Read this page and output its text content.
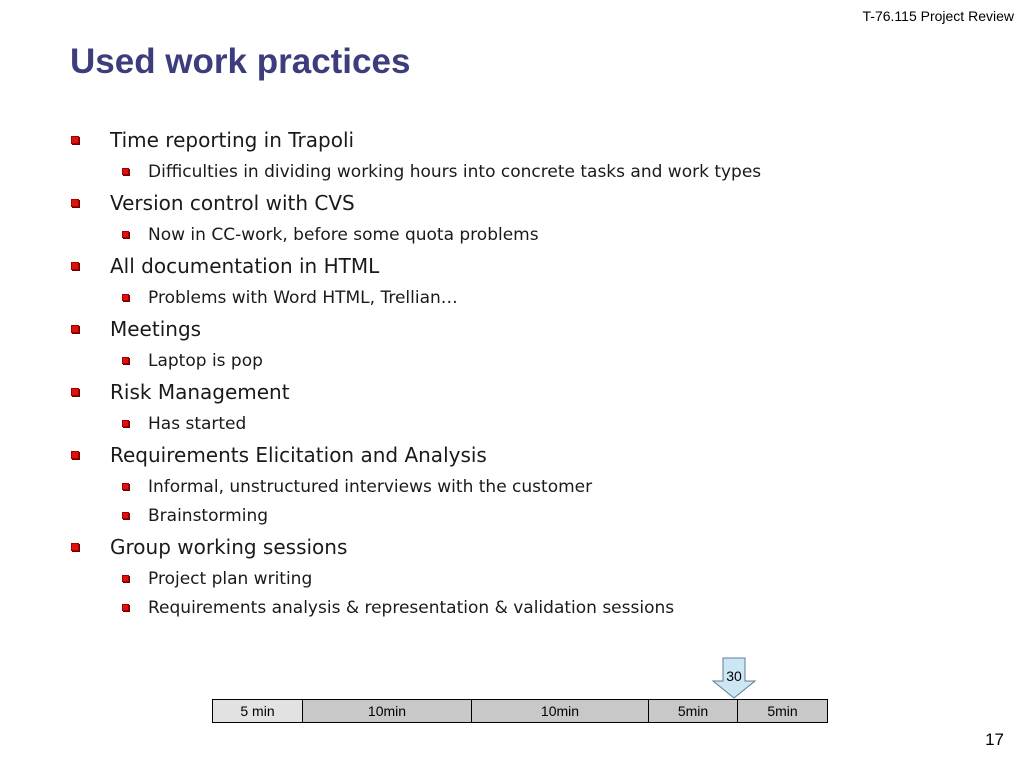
T-76.115 Project Review
Used work practices
Time reporting in Trapoli
Difficulties in dividing working hours into concrete tasks and work types
Version control with CVS
Now in CC-work, before some quota problems
All documentation in HTML
Problems with Word HTML, Trellian…
Meetings
Laptop is pop
Risk Management
Has started
Requirements Elicitation and Analysis
Informal, unstructured interviews with the customer
Brainstorming
Group working sessions
Project plan writing
Requirements analysis & representation & validation sessions
30
5 min	10min	10min	5min	5min
17
